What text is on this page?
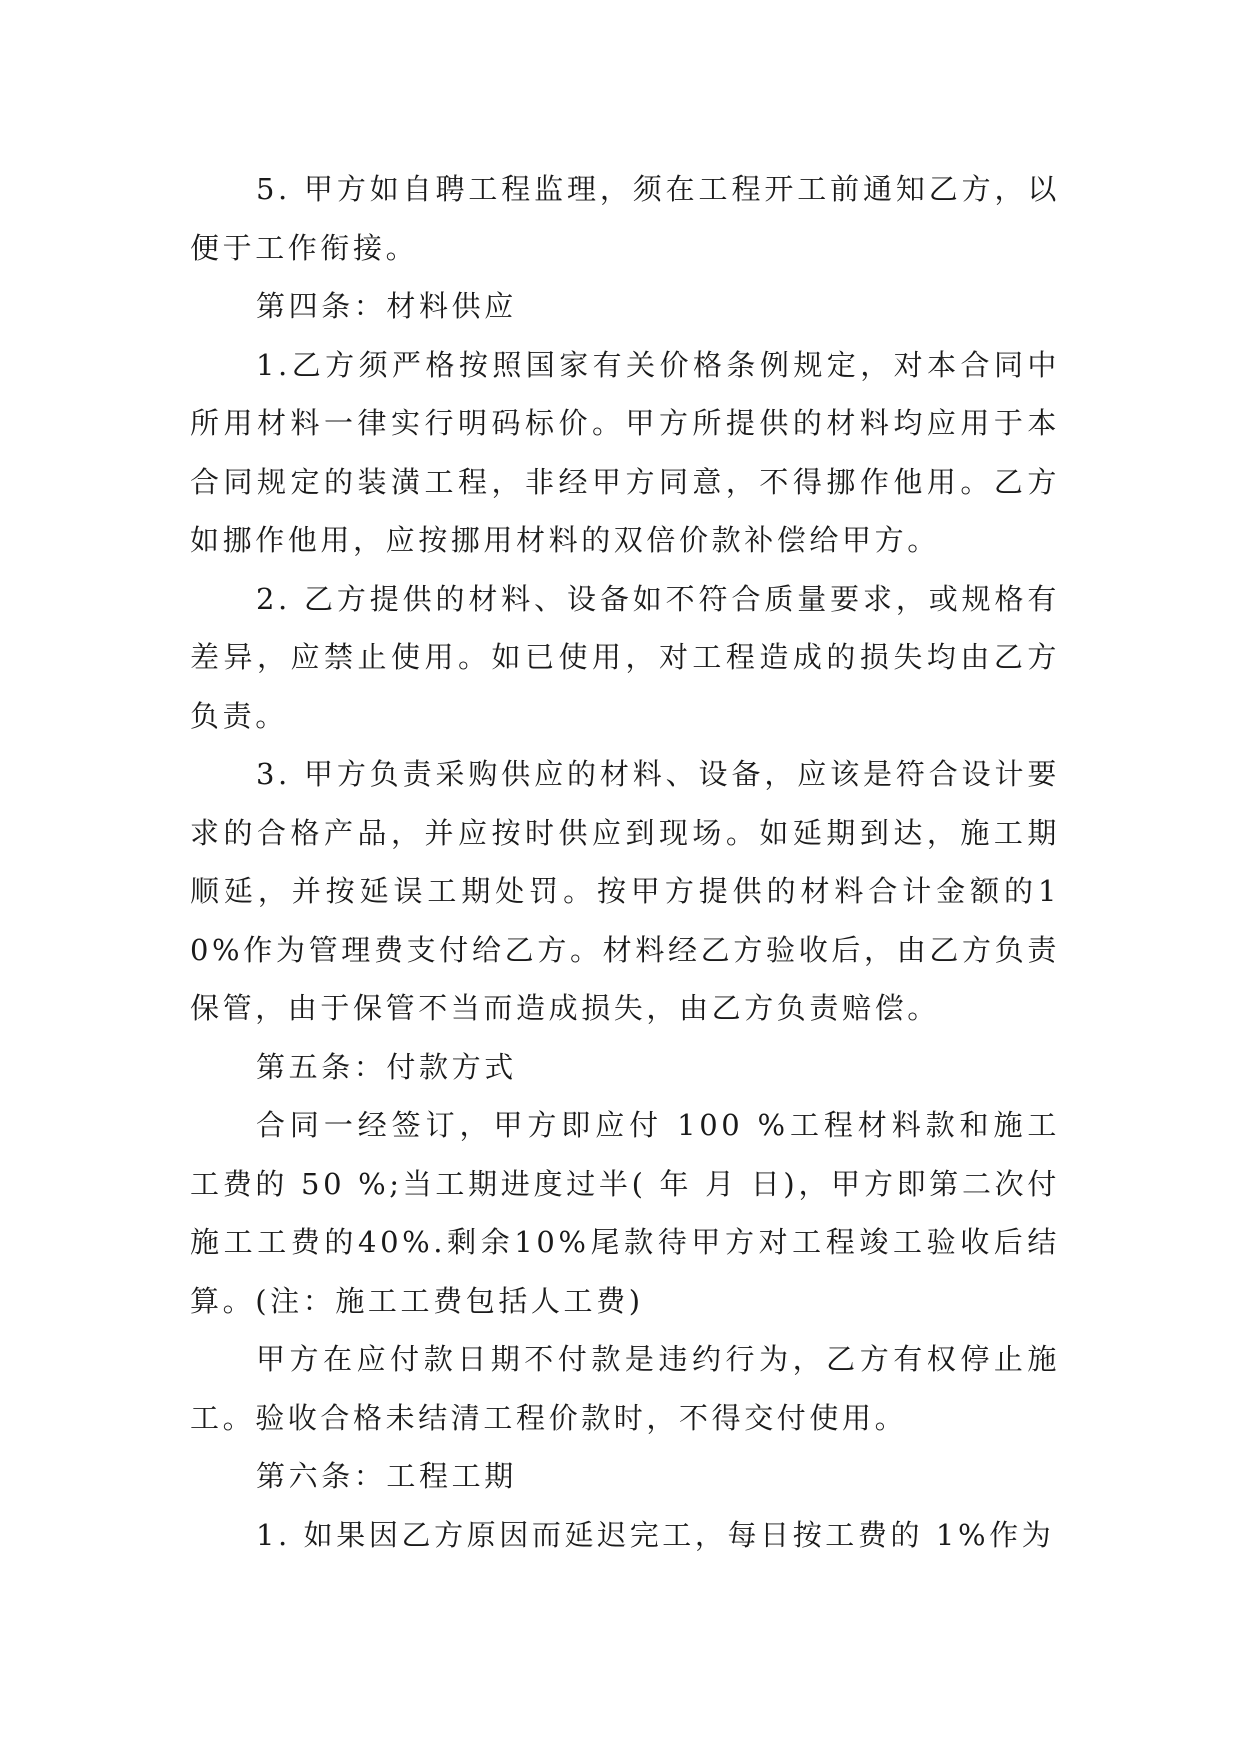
5. 甲方如自聘工程监理，须在工程开工前通知乙方，以便于工作衔接。

第四条：材料供应

1.乙方须严格按照国家有关价格条例规定，对本合同中所用材料一律实行明码标价。甲方所提供的材料均应用于本合同规定的装潢工程，非经甲方同意，不得挪作他用。乙方如挪作他用，应按挪用材料的双倍价款补偿给甲方。

2. 乙方提供的材料、设备如不符合质量要求，或规格有差异，应禁止使用。如已使用，对工程造成的损失均由乙方负责。

3. 甲方负责采购供应的材料、设备，应该是符合设计要求的合格产品，并应按时供应到现场。如延期到达，施工期顺延，并按延误工期处罚。按甲方提供的材料合计金额的10%作为管理费支付给乙方。材料经乙方验收后，由乙方负责保管，由于保管不当而造成损失，由乙方负责赔偿。

第五条：付款方式

合同一经签订，甲方即应付 100 %工程材料款和施工工费的 50 %;当工期进度过半( 年 月 日)，甲方即第二次付施工工费的40%.剩余10%尾款待甲方对工程竣工验收后结算。(注：施工工费包括人工费)

甲方在应付款日期不付款是违约行为，乙方有权停止施工。验收合格未结清工程价款时，不得交付使用。

第六条：工程工期

1. 如果因乙方原因而延迟完工，每日按工费的 1%作为
